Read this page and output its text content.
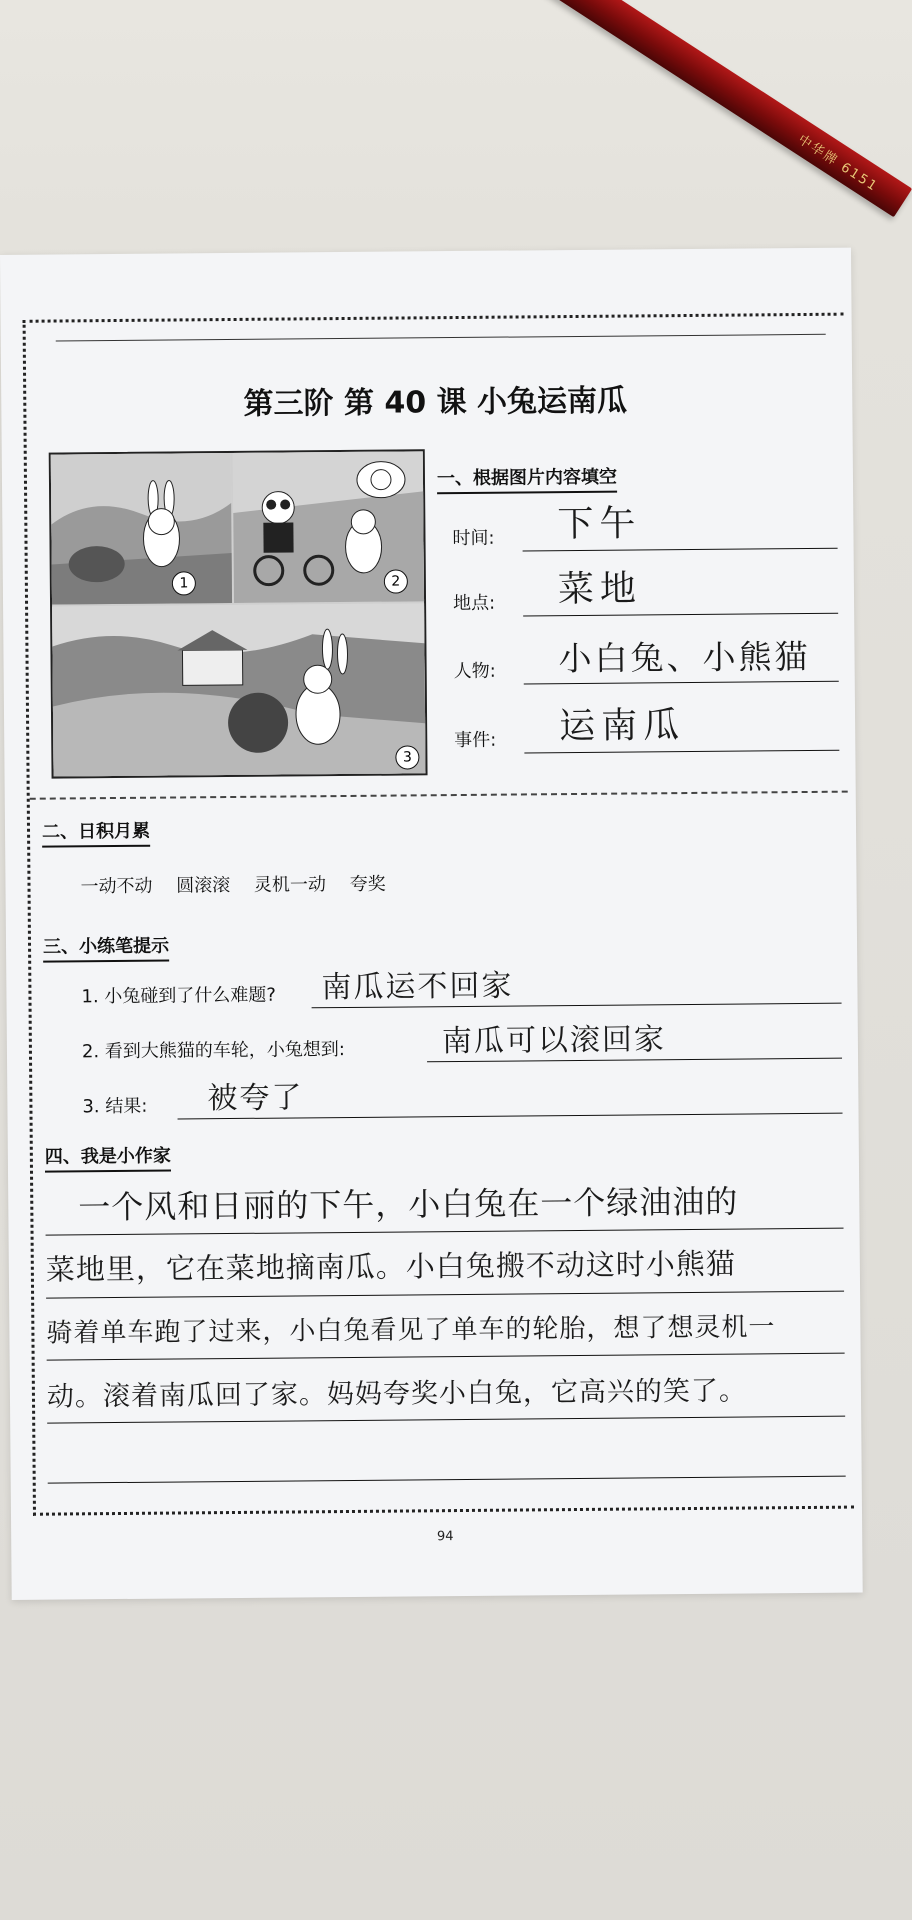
中华牌 6151
第三阶 第 40 课 小兔运南瓜
1	2
3
一、根据图片内容填空
时间: 下午
地点: 菜地
人物: 小白兔、小熊猫
事件: 运南瓜
二、日积月累
一动不动 圆滚滚 灵机一动 夸奖
三、小练笔提示
1. 小兔碰到了什么难题? 南瓜运不回家
2. 看到大熊猫的车轮，小兔想到:	南瓜可以滚回家
3. 结果: 被夸了
四、我是小作家
　一个风和日丽的下午，小白兔在一个绿油油的
菜地里，它在菜地摘南瓜。小白兔搬不动这时小熊猫
骑着单车跑了过来，小白兔看见了单车的轮胎，想了想灵机一
动。滚着南瓜回了家。妈妈夸奖小白兔，它高兴的笑了。
94
